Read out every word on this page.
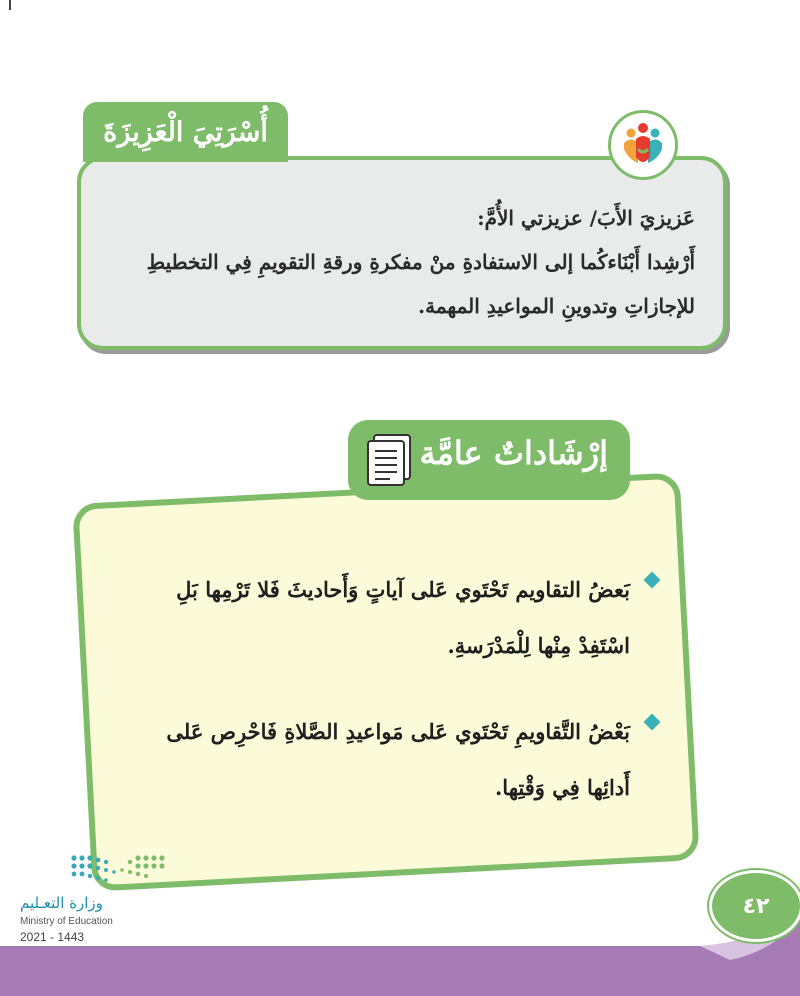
عَزيزيَ الأَبَ/ عزيزتي الأُمَّ:
أَرْشِدا أَبْنَاءكُما إلى الاستفادةِ منْ مفكرةِ ورقةِ التقويمِ فِي التخطيطِ
للإجازاتِ وتدوينِ المواعيدِ المهمة.
أُسْرَتِيَ الْعَزِيزَةَ
إرْشَاداتٌ عامَّة
بَعضُ التقاويم تَحْتَوي عَلى آياتٍ وَأَحاديثَ فَلا تَرْمِها بَلِ
اسْتَفِدْ مِنْها لِلْمَدْرَسةِ.
بَعْضُ التَّقاويمِ تَحْتَوي عَلى مَواعيدِ الصَّلاةِ فَاحْرِص عَلى
أَدائِها فِي وَقْتِها.
وزارة التعـليم
Ministry of Education
2021 - 1443
٤٢
